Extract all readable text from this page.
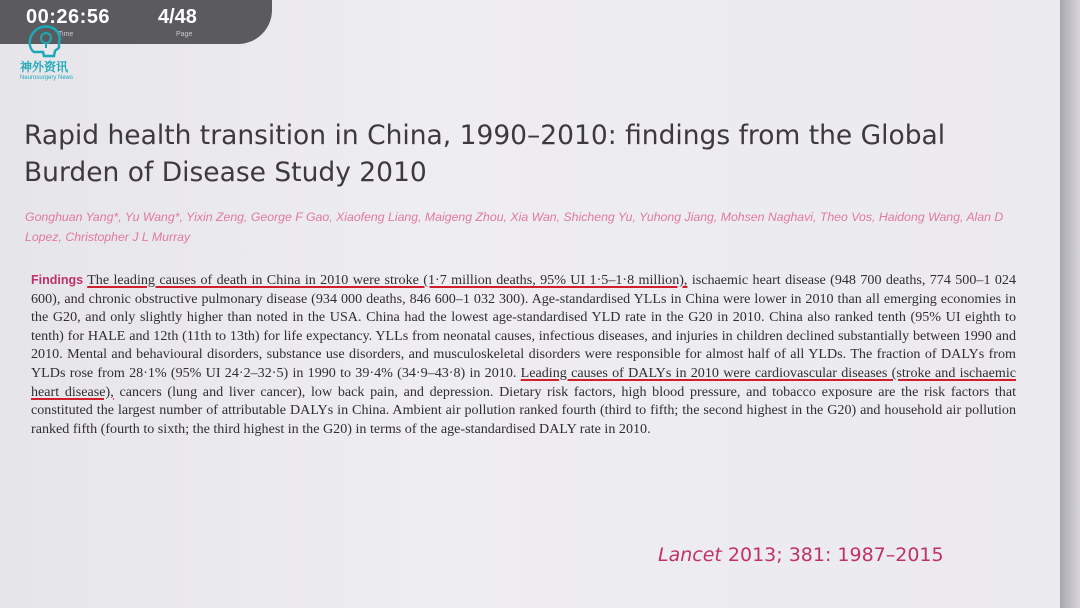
Rapid health transition in China, 1990–2010: findings from the Global Burden of Disease Study 2010
Gonghuan Yang*, Yu Wang*, Yixin Zeng, George F Gao, Xiaofeng Liang, Maigeng Zhou, Xia Wan, Shicheng Yu, Yuhong Jiang, Mohsen Naghavi, Theo Vos, Haidong Wang, Alan D Lopez, Christopher J L Murray
Findings The leading causes of death in China in 2010 were stroke (1·7 million deaths, 95% UI 1·5–1·8 million), ischaemic heart disease (948 700 deaths, 774 500–1 024 600), and chronic obstructive pulmonary disease (934 000 deaths, 846 600–1 032 300). Age-standardised YLLs in China were lower in 2010 than all emerging economies in the G20, and only slightly higher than noted in the USA. China had the lowest age-standardised YLD rate in the G20 in 2010. China also ranked tenth (95% UI eighth to tenth) for HALE and 12th (11th to 13th) for life expectancy. YLLs from neonatal causes, infectious diseases, and injuries in children declined substantially between 1990 and 2010. Mental and behavioural disorders, substance use disorders, and musculoskeletal disorders were responsible for almost half of all YLDs. The fraction of DALYs from YLDs rose from 28·1% (95% UI 24·2–32·5) in 1990 to 39·4% (34·9–43·8) in 2010. Leading causes of DALYs in 2010 were cardiovascular diseases (stroke and ischaemic heart disease), cancers (lung and liver cancer), low back pain, and depression. Dietary risk factors, high blood pressure, and tobacco exposure are the risk factors that constituted the largest number of attributable DALYs in China. Ambient air pollution ranked fourth (third to fifth; the second highest in the G20) and household air pollution ranked fifth (fourth to sixth; the third highest in the G20) in terms of the age-standardised DALY rate in 2010.
Lancet 2013; 381: 1987–2015
00:26:56
Time
4/48
Page
神外资讯
Neurosurgery News
